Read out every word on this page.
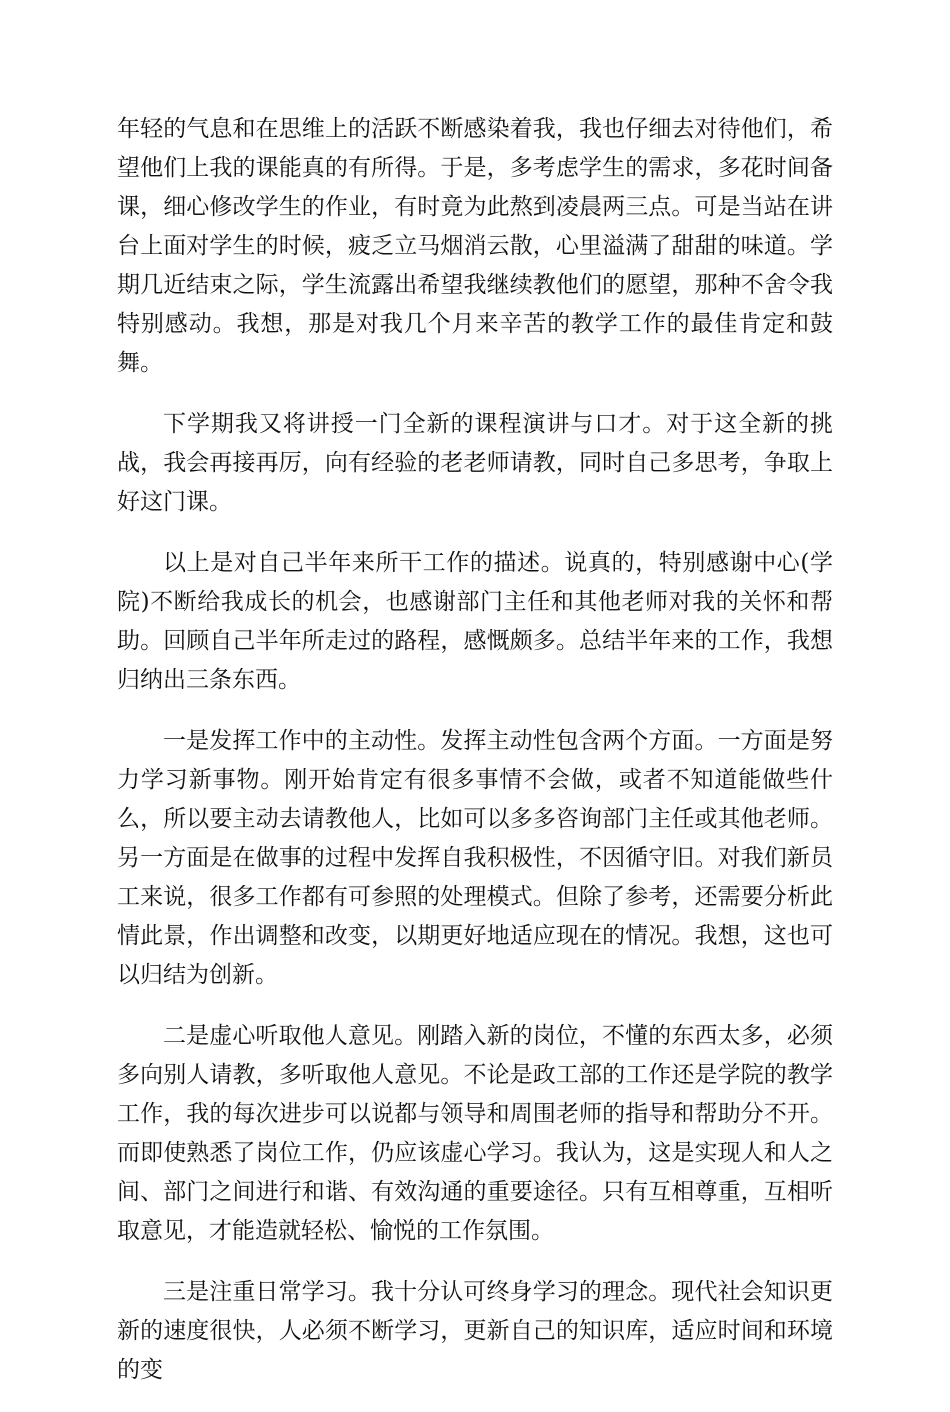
年轻的气息和在思维上的活跃不断感染着我，我也仔细去对待他们，希望他们上我的课能真的有所得。于是，多考虑学生的需求，多花时间备课，细心修改学生的作业，有时竟为此熬到凌晨两三点。可是当站在讲台上面对学生的时候，疲乏立马烟消云散，心里溢满了甜甜的味道。学期几近结束之际，学生流露出希望我继续教他们的愿望，那种不舍令我特别感动。我想，那是对我几个月来辛苦的教学工作的最佳肯定和鼓舞。

下学期我又将讲授一门全新的课程演讲与口才。对于这全新的挑战，我会再接再厉，向有经验的老老师请教，同时自己多思考，争取上好这门课。

以上是对自己半年来所干工作的描述。说真的，特别感谢中心(学院)不断给我成长的机会，也感谢部门主任和其他老师对我的关怀和帮助。回顾自己半年所走过的路程，感慨颇多。总结半年来的工作，我想归纳出三条东西。

一是发挥工作中的主动性。发挥主动性包含两个方面。一方面是努力学习新事物。刚开始肯定有很多事情不会做，或者不知道能做些什么，所以要主动去请教他人，比如可以多多咨询部门主任或其他老师。另一方面是在做事的过程中发挥自我积极性，不因循守旧。对我们新员工来说，很多工作都有可参照的处理模式。但除了参考，还需要分析此情此景，作出调整和改变，以期更好地适应现在的情况。我想，这也可以归结为创新。

二是虚心听取他人意见。刚踏入新的岗位，不懂的东西太多，必须多向别人请教，多听取他人意见。不论是政工部的工作还是学院的教学工作，我的每次进步可以说都与领导和周围老师的指导和帮助分不开。而即使熟悉了岗位工作，仍应该虚心学习。我认为，这是实现人和人之间、部门之间进行和谐、有效沟通的重要途径。只有互相尊重，互相听取意见，才能造就轻松、愉悦的工作氛围。

三是注重日常学习。我十分认可终身学习的理念。现代社会知识更新的速度很快，人必须不断学习，更新自己的知识库，适应时间和环境的变
